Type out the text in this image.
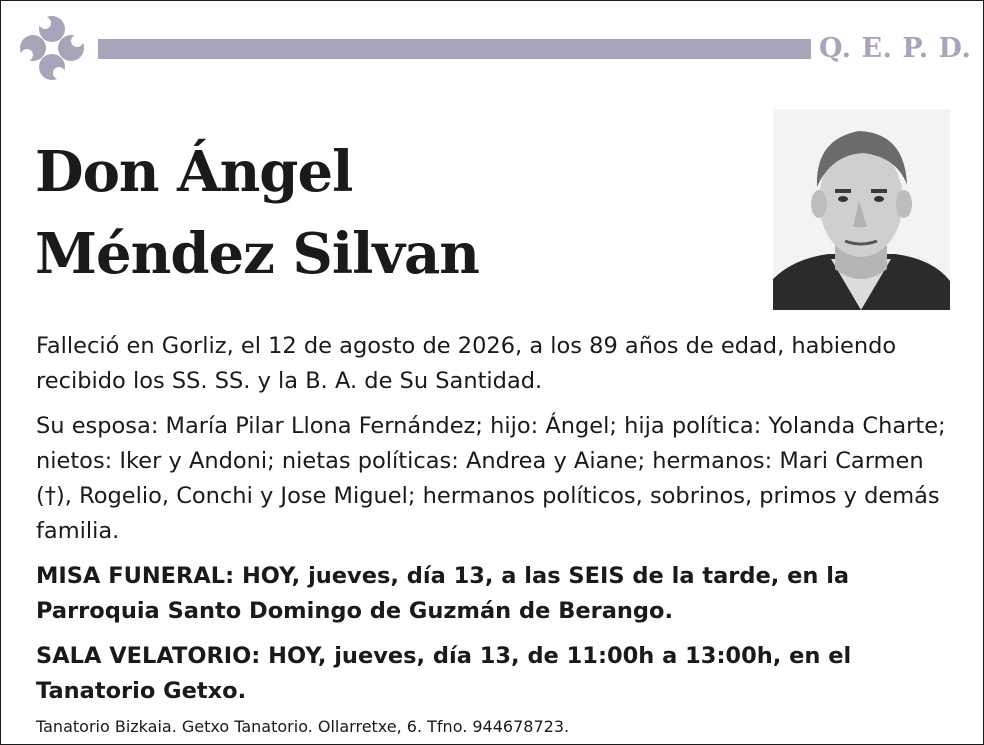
Q. E. P. D.
Don Ángel
Méndez Silvan

Falleció en Gorliz, el 12 de agosto de 2026, a los 89 años de edad, habiendo recibido los SS. SS. y la B. A. de Su Santidad.

Su esposa: María Pilar Llona Fernández; hijo: Ángel; hija política: Yolanda Charte; nietos: Iker y Andoni; nietas políticas: Andrea y Aiane; hermanos: Mari Carmen (†), Rogelio, Conchi y Jose Miguel; hermanos políticos, sobrinos, primos y demás familia.

MISA FUNERAL: HOY, jueves, día 13, a las SEIS de la tarde, en la Parroquia Santo Domingo de Guzmán de Berango.

SALA VELATORIO: HOY, jueves, día 13, de 11:00h a 13:00h, en el Tanatorio Getxo.

Tanatorio Bizkaia. Getxo Tanatorio. Ollarretxe, 6. Tfno. 944678723.
